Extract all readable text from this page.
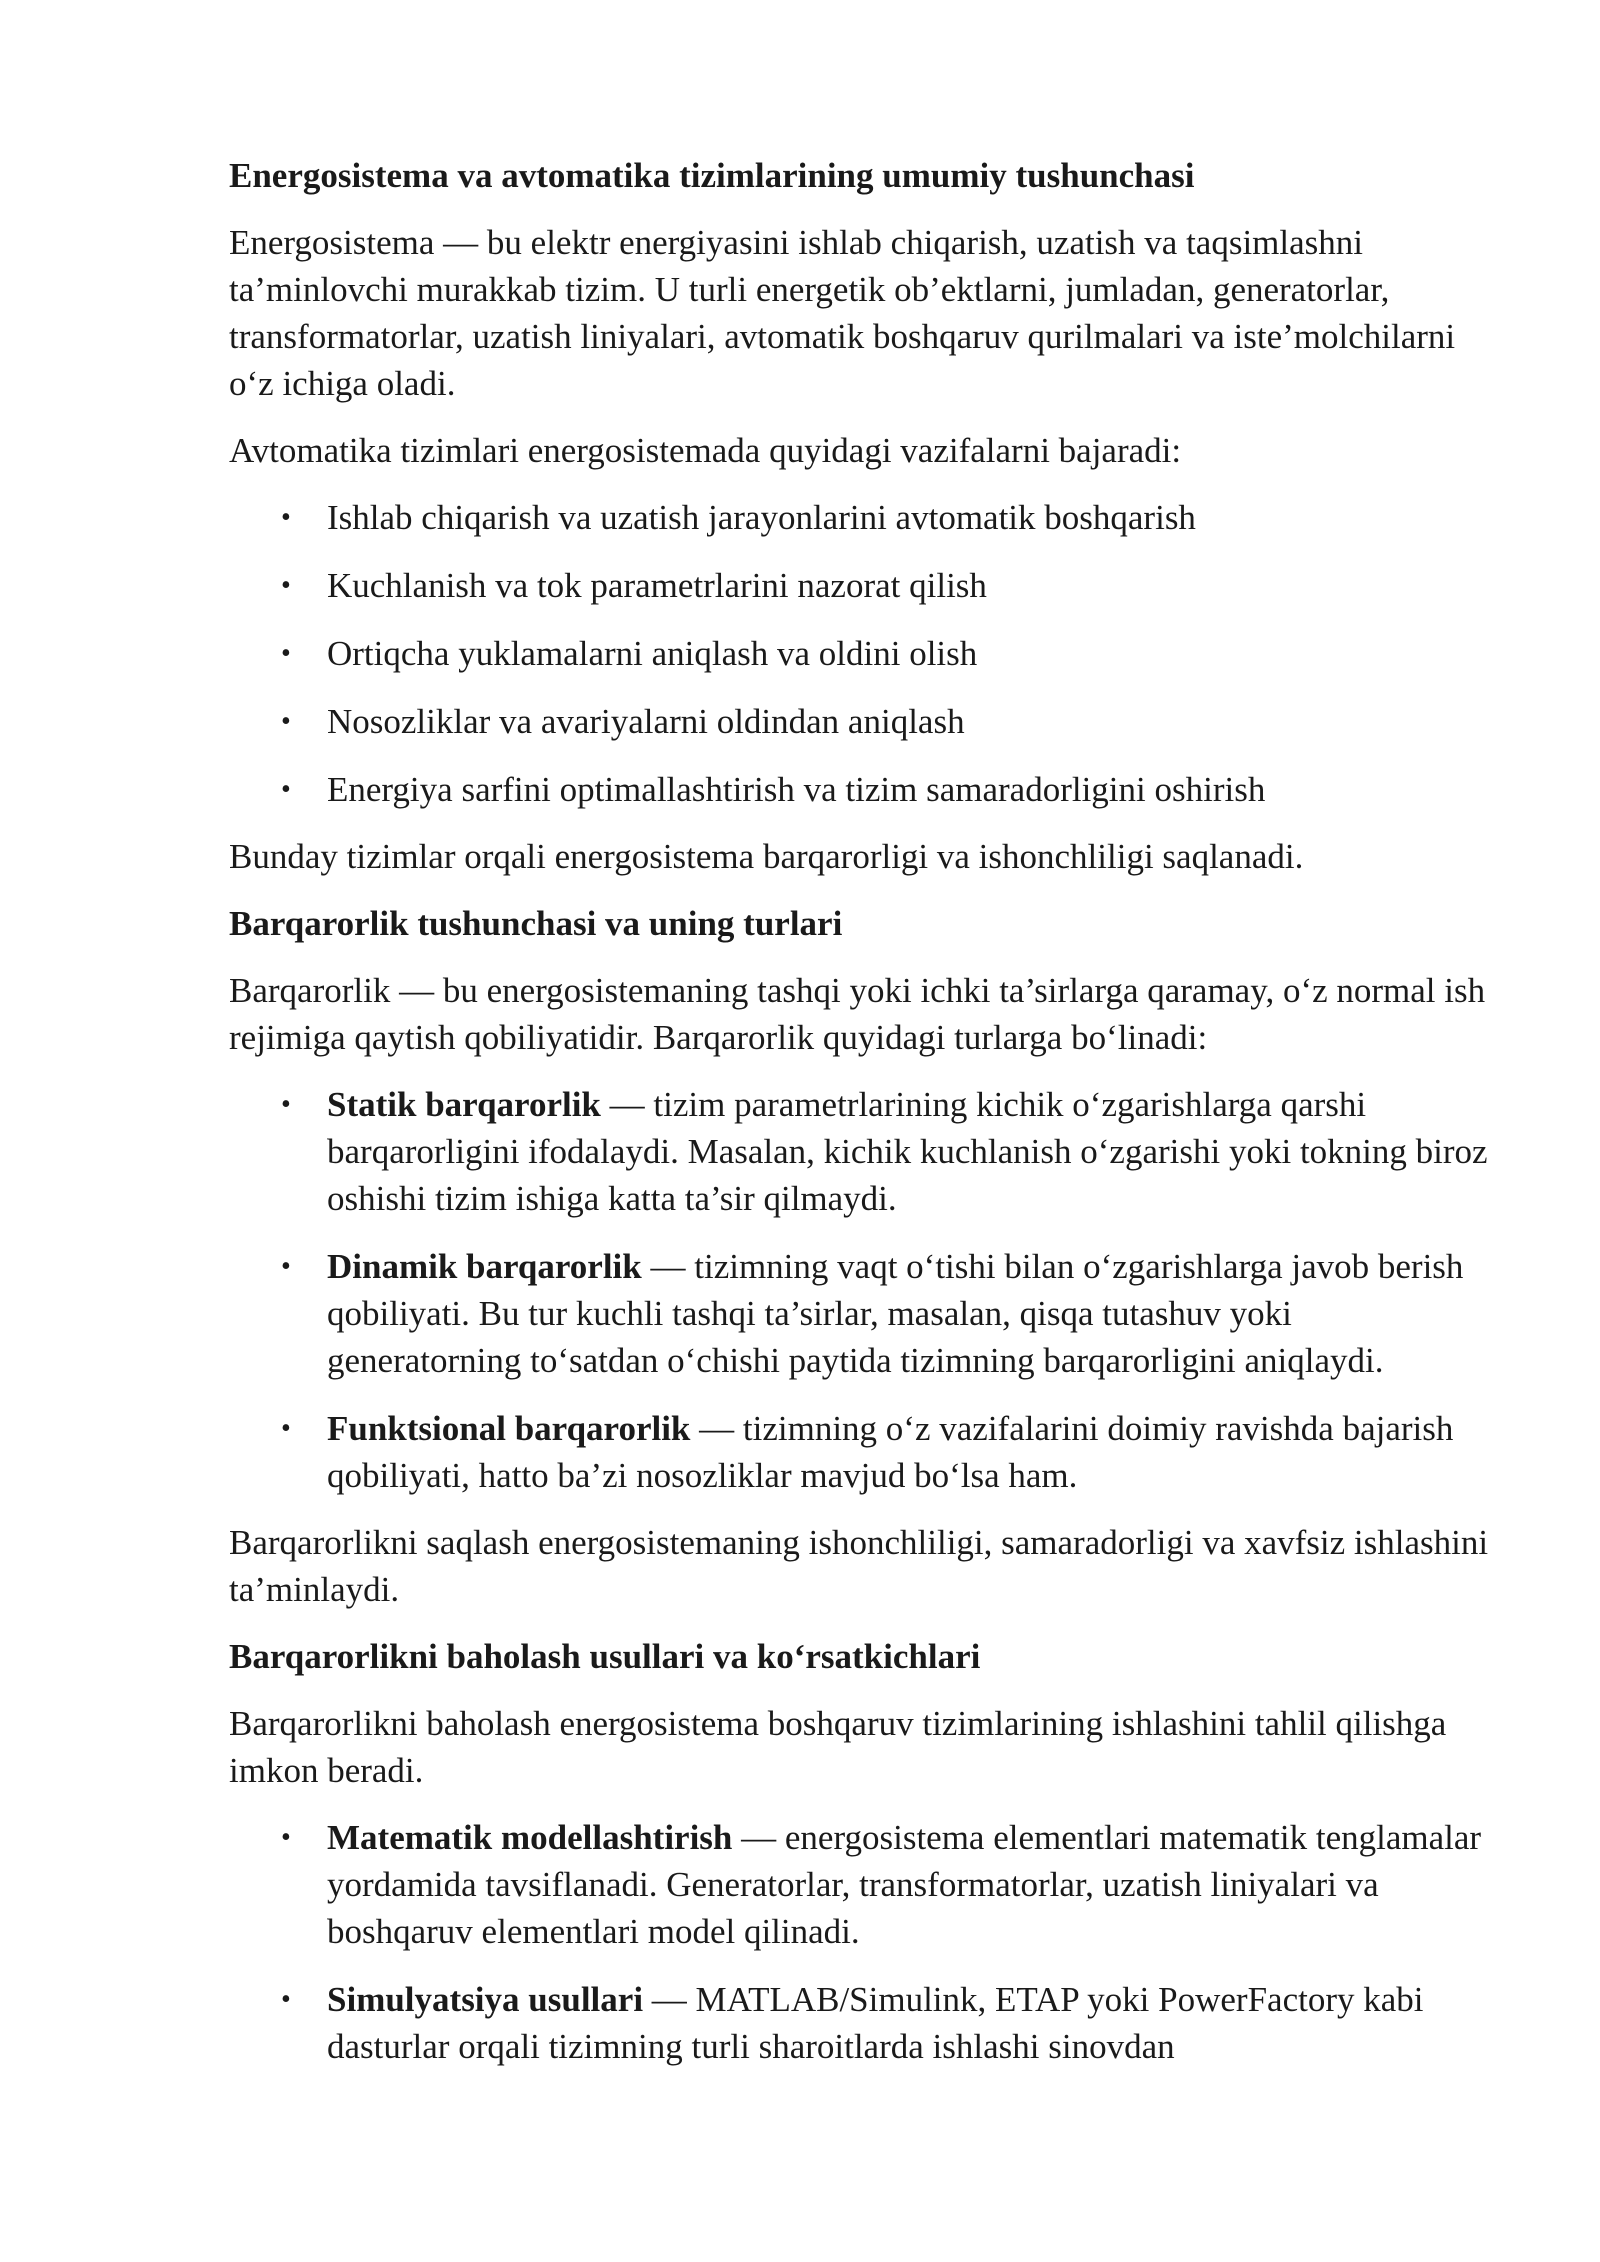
Energosistema va avtomatika tizimlarining umumiy tushunchasi

Energosistema — bu elektr energiyasini ishlab chiqarish, uzatish va taqsimlashni ta’minlovchi murakkab tizim. U turli energetik ob’ektlarni, jumladan, generatorlar, transformatorlar, uzatish liniyalari, avtomatik boshqaruv qurilmalari va iste’molchilarni o‘z ichiga oladi.

Avtomatika tizimlari energosistemada quyidagi vazifalarni bajaradi:

• Ishlab chiqarish va uzatish jarayonlarini avtomatik boshqarish
• Kuchlanish va tok parametrlarini nazorat qilish
• Ortiqcha yuklamalarni aniqlash va oldini olish
• Nosozliklar va avariyalarni oldindan aniqlash
• Energiya sarfini optimallashtirish va tizim samaradorligini oshirish

Bunday tizimlar orqali energosistema barqarorligi va ishonchliligi saqlanadi.

Barqarorlik tushunchasi va uning turlari

Barqarorlik — bu energosistemaning tashqi yoki ichki ta’sirlarga qaramay, o‘z normal ish rejimiga qaytish qobiliyatidir. Barqarorlik quyidagi turlarga bo‘linadi:

• Statik barqarorlik — tizim parametrlarining kichik o‘zgarishlarga qarshi barqarorligini ifodalaydi. Masalan, kichik kuchlanish o‘zgarishi yoki tokning biroz oshishi tizim ishiga katta ta’sir qilmaydi.
• Dinamik barqarorlik — tizimning vaqt o‘tishi bilan o‘zgarishlarga javob berish qobiliyati. Bu tur kuchli tashqi ta’sirlar, masalan, qisqa tutashuv yoki generatorning to‘satdan o‘chishi paytida tizimning barqarorligini aniqlaydi.
• Funktsional barqarorlik — tizimning o‘z vazifalarini doimiy ravishda bajarish qobiliyati, hatto ba’zi nosozliklar mavjud bo‘lsa ham.

Barqarorlikni saqlash energosistemaning ishonchliligi, samaradorligi va xavfsiz ishlashini ta’minlaydi.

Barqarorlikni baholash usullari va ko‘rsatkichlari

Barqarorlikni baholash energosistema boshqaruv tizimlarining ishlashini tahlil qilishga imkon beradi.

• Matematik modellashtirish — energosistema elementlari matematik tenglamalar yordamida tavsiflanadi. Generatorlar, transformatorlar, uzatish liniyalari va boshqaruv elementlari model qilinadi.
• Simulyatsiya usullari — MATLAB/Simulink, ETAP yoki PowerFactory kabi dasturlar orqali tizimning turli sharoitlarda ishlashi sinovdan
